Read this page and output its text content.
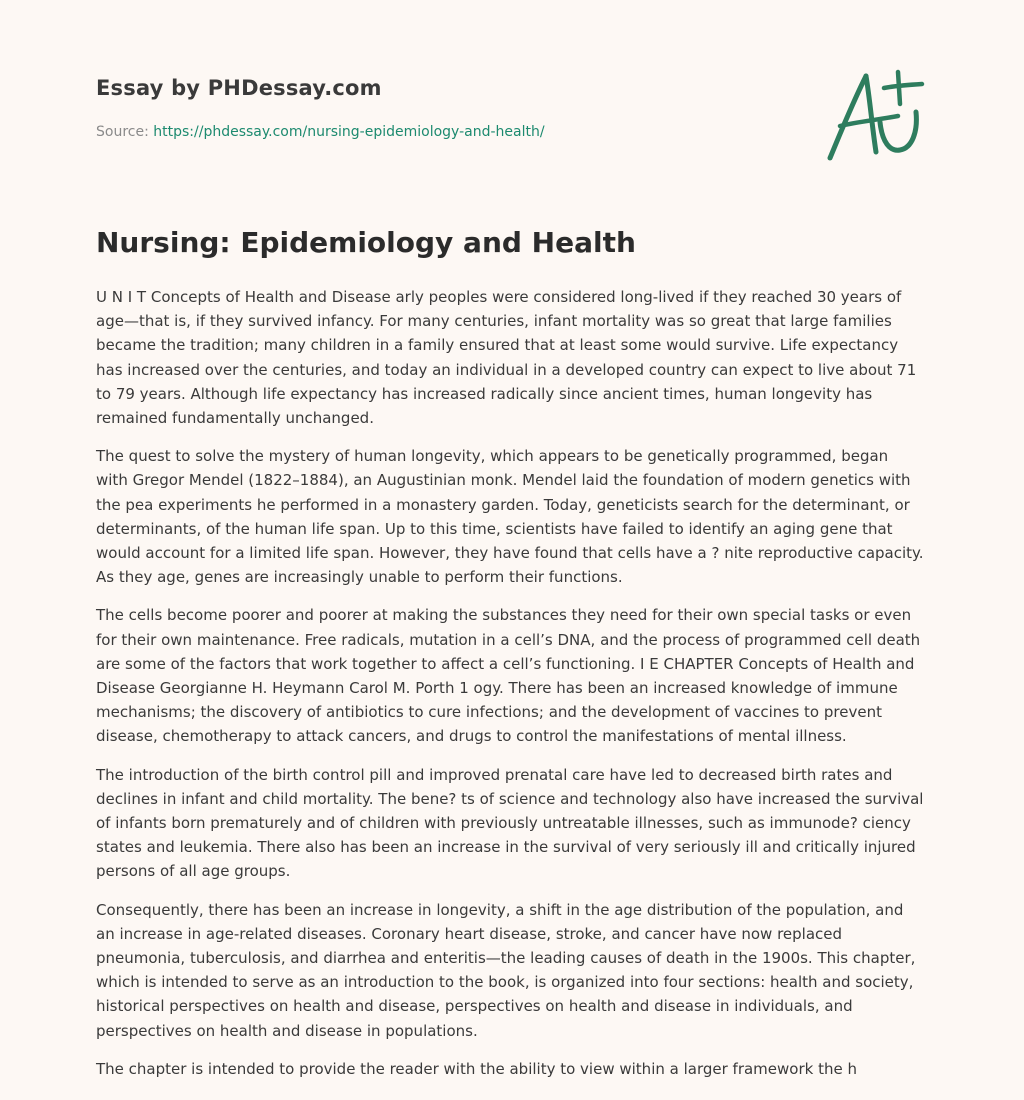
Essay by PHDessay.com
Source: https://phdessay.com/nursing-epidemiology-and-health/
Nursing: Epidemiology and Health

U N I T Concepts of Health and Disease arly peoples were considered long-lived if they reached 30 years of age—that is, if they survived infancy. For many centuries, infant mortality was so great that large families became the tradition; many children in a family ensured that at least some would survive. Life expectancy has increased over the centuries, and today an individual in a developed country can expect to live about 71 to 79 years. Although life expectancy has increased radically since ancient times, human longevity has remained fundamentally unchanged.

The quest to solve the mystery of human longevity, which appears to be genetically programmed, began with Gregor Mendel (1822–1884), an Augustinian monk. Mendel laid the foundation of modern genetics with the pea experiments he performed in a monastery garden. Today, geneticists search for the determinant, or determinants, of the human life span. Up to this time, scientists have failed to identify an aging gene that would account for a limited life span. However, they have found that cells have a ? nite reproductive capacity. As they age, genes are increasingly unable to perform their functions.

The cells become poorer and poorer at making the substances they need for their own special tasks or even for their own maintenance. Free radicals, mutation in a cell’s DNA, and the process of programmed cell death are some of the factors that work together to affect a cell’s functioning. I E CHAPTER Concepts of Health and Disease Georgianne H. Heymann Carol M. Porth 1 ogy. There has been an increased knowledge of immune mechanisms; the discovery of antibiotics to cure infections; and the development of vaccines to prevent disease, chemotherapy to attack cancers, and drugs to control the manifestations of mental illness.

The introduction of the birth control pill and improved prenatal care have led to decreased birth rates and declines in infant and child mortality. The bene? ts of science and technology also have increased the survival of infants born prematurely and of children with previously untreatable illnesses, such as immunode? ciency states and leukemia. There also has been an increase in the survival of very seriously ill and critically injured persons of all age groups.

Consequently, there has been an increase in longevity, a shift in the age distribution of the population, and an increase in age-related diseases. Coronary heart disease, stroke, and cancer have now replaced pneumonia, tuberculosis, and diarrhea and enteritis—the leading causes of death in the 1900s. This chapter, which is intended to serve as an introduction to the book, is organized into four sections: health and society, historical perspectives on health and disease, perspectives on health and disease in individuals, and perspectives on health and disease in populations.

The chapter is intended to provide the reader with the ability to view within a larger framework the h
